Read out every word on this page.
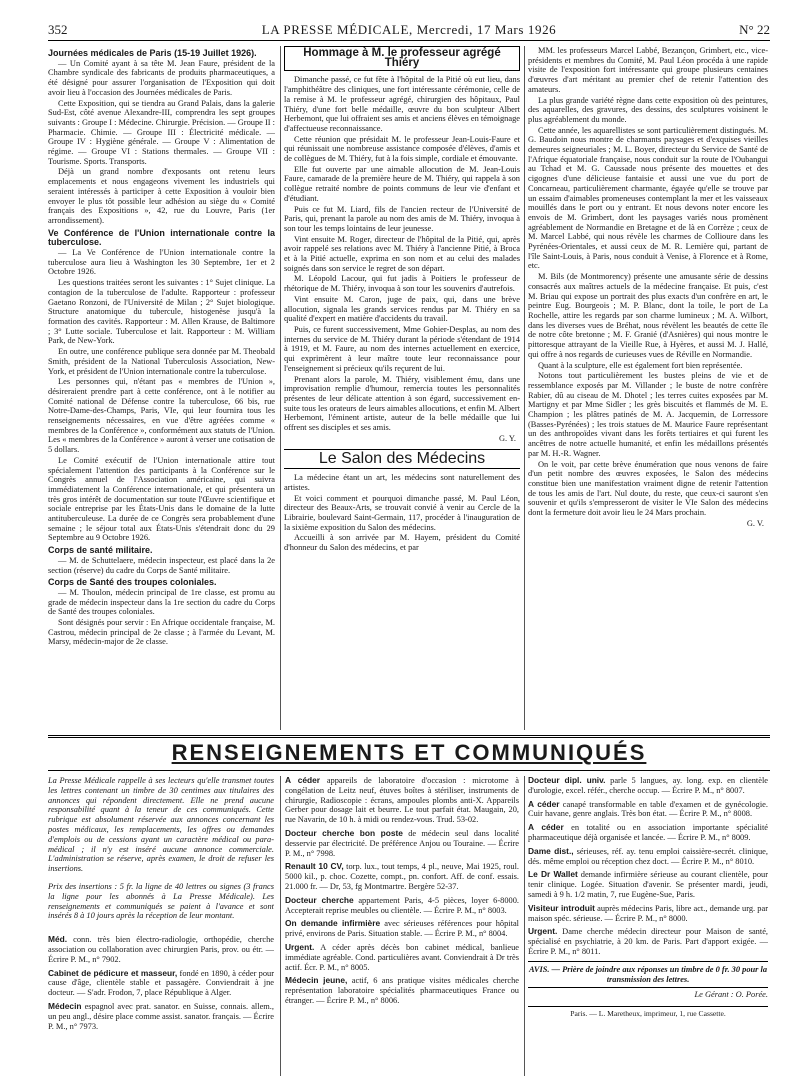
352	LA PRESSE MÉDICALE, Mercredi, 17 Mars 1926	N° 22
Journées médicales de Paris (15-19 Juillet 1926).

— Un Comité ayant à sa tête M. Jean Faure, président de la Chambre syndicale des fabricants de produits pharmaceutiques, a été désigné pour assurer l'organisation de l'Exposition qui doit avoir lieu à l'occasion des Journées médicales de Paris.

Cette Exposition, qui se tiendra au Grand Palais, dans la galerie Sud-Est, côté avenue Alexandre-III, comprendra les sept groupes suivants : Groupe I : Médecine. Chirurgie. Précision. — Groupe II : Pharmacie. Chimie. — Groupe III : Électricité médicale. — Groupe IV : Hygiène générale. — Groupe V : Alimentation de régime. — Groupe VI : Stations thermales. — Groupe VII : Tourisme. Sports. Transports.

Déjà un grand nombre d'exposants ont retenu leurs emplacements et nous engageons vivement les industriels qui seraient intéressés à participer à cette Exposition à vouloir bien envoyer le plus tôt possible leur adhésion au siège du « Comité français des Expositions », 42, rue du Louvre, Paris (1er arrondissement).

Ve Conférence de l'Union internationale contre la tuberculose.

— La Ve Conférence de l'Union internationale contre la tuberculose aura lieu à Washington les 30 Septembre, 1er et 2 Octobre 1926.

Les questions traitées seront les suivantes : 1° Sujet clinique. La contagion de la tuberculose de l'adulte. Rapporteur : professeur Gaetano Ronzoni, de l'Université de Milan ; 2° Sujet biologique. Structure anatomique du tubercule, histogenèse jusqu'à la formation des cavités. Rapporteur : M. Allen Krause, de Baltimore ; 3° Lutte sociale. Tuberculose et lait. Rapporteur : M. William Park, de New-York.

En outre, une conférence publique sera donnée par M. Theobald Smith, président de la National Tuberculosis Association, New-York, et président de l'Union internationale contre la tuberculose.

Les personnes qui, n'étant pas « membres de l'Union », désireraient prendre part à cette conférence, ont à le notifier au Comité national de Défense contre la tuberculose, 66 bis, rue Notre-Dame-des-Champs, Paris, VIe, qui leur fournira tous les renseignements nécessaires, en vue d'être agréées comme « membres de la Conférence », conformément aux statuts de l'Union. Les « membres de la Conférence » auront à verser une cotisation de 5 dollars.

Le Comité exécutif de l'Union internationale attire tout spécialement l'attention des participants à la Conférence sur le Congrès annuel de l'Association américaine, qui suivra immédiatement la Conférence internationale, et qui présentera un très gros intérêt de documentation sur toute l'Œuvre scientifique et sociale entreprise par les États-Unis dans le domaine de la lutte antituberculeuse. La durée de ce Congrès sera probablement d'une semaine ; le séjour total aux États-Unis s'étendrait donc du 29 Septembre au 9 Octobre 1926.

Corps de santé militaire.

— M. de Schuttelaere, médecin inspecteur, est placé dans la 2e section (réserve) du cadre du Corps de Santé militaire.

Corps de Santé des troupes coloniales.

— M. Thoulon, médecin principal de 1re classe, est promu au grade de médecin inspecteur dans la 1re section du cadre du Corps de Santé des troupes coloniales.

Sont désignés pour servir : En Afrique occidentale française, M. Castrou, médecin principal de 2e classe ; à l'armée du Levant, M. Marsy, médecin-major de 2e classe.

Hommage à M. le professeur agrégé Thiéry

Dimanche passé, ce fut fête à l'hôpital de la Pitié où eut lieu, dans l'amphithéâtre des cliniques, une fort intéressante cérémonie, celle de la remise à M. le professeur agrégé, chirurgien des hôpitaux, Paul Thiéry, d'une fort belle médaille, œuvre du bon sculpteur Albert Herbemont, que lui offraient ses amis et anciens élèves en témoignage d'affectueuse reconnaissance.

Cette réunion que présidait M. le professeur Jean-Louis-Faure et qui réunissait une nombreuse assistance composée d'élèves, d'amis et de collègues de M. Thiéry, fut à la fois simple, cordiale et émouvante.

Elle fut ouverte par une aimable allocution de M. Jean-Louis Faure, camarade de la première heure de M. Thiéry, qui rappela à son collègue retraité nombre de points communs de leur vie d'enfant et d'étudiant.

Puis ce fut M. Liard, fils de l'ancien recteur de l'Université de Paris, qui, prenant la parole au nom des amis de M. Thiéry, invoqua à son tour les temps lointains de leur jeunesse.

Vint ensuite M. Roger, directeur de l'hôpital de la Pitié, qui, après avoir rappelé ses relations avec M. Thiéry à l'ancienne Pitié, à Broca et à la Pitié actuelle, exprima en son nom et au celui des malades soignés dans son service le regret de son départ.

M. Léopold Lacour, qui fut jadis à Poitiers le professeur de rhétorique de M. Thiéry, invoqua à son tour les souvenirs d'autrefois.

Vint ensuite M. Caron, juge de paix, qui, dans une brève allocution, signala les grands services rendus par M. Thiéry en sa qualité d'expert en matière d'accidents du travail.

Puis, ce furent successivement, Mme Gohier-Desplas, au nom des internes du service de M. Thiéry durant la période s'étendant de 1914 à 1919, et M. Faure, au nom des internes actuellement en exercice, qui exprimèrent à leur maître toute leur reconnaissance pour l'enseignement si précieux qu'ils reçurent de lui.

Prenant alors la parole, M. Thiéry, visiblement ému, dans une improvisation remplie d'humour, remercia toutes les personnalités présentes de leur délicate attention à son égard, successivement en-suite tous les orateurs de leurs aimables allocutions, et enfin M. Albert Herbemont, l'éminent artiste, auteur de la belle médaille que lui offrent ses disciples et ses amis.

G. Y.
Le Salon des Médecins

La médecine étant un art, les médecins sont naturellement des artistes.

Et voici comment et pourquoi dimanche passé, M. Paul Léon, directeur des Beaux-Arts, se trouvait convié à venir au Cercle de la Librairie, boulevard Saint-Germain, 117, procéder à l'inauguration de la sixième exposition du Salon des médecins.

Accueilli à son arrivée par M. Hayem, président du Comité d'honneur du Salon des médecins, et par

MM. les professeurs Marcel Labbé, Bezançon, Grimbert, etc., vice-présidents et membres du Comité, M. Paul Léon procéda à une rapide visite de l'exposition fort intéressante qui groupe plusieurs centaines d'œuvres d'art méritant au premier chef de retenir l'attention des amateurs.

La plus grande variété règne dans cette exposition où des peintures, des aquarelles, des gravures, des dessins, des sculptures voisinent le plus agréablement du monde.

Cette année, les aquarellistes se sont particulièrement distingués. M. G. Baudoin nous montre de charmants paysages et d'exquises vieilles demeures seigneuriales ; M. L. Boyer, directeur du Service de Santé de l'Afrique équatoriale française, nous conduit sur la route de l'Oubangui au Tchad et M. G. Caussade nous présente des mouettes et des cigognes d'une délicieuse fantaisie et aussi une vue du port de Concarneau, particulièrement charmante, égayée qu'elle se trouve par un essaim d'aimables promeneuses contemplant la mer et les vaisseaux mouillés dans le port ou y entrant. Et nous devons noter encore les envois de M. Grimbert, dont les paysages variés nous promènent agréablement de Normandie en Bretagne et de là en Corrèze ; ceux de M. Marcel Labbé, qui nous révèle les charmes de Collioure dans les Pyrénées-Orientales, et aussi ceux de M. R. Lemière qui, partant de l'île Saint-Louis, à Paris, nous conduit à Venise, à Florence et à Rome, etc.

M. Bils (de Montmorency) présente une amusante série de dessins consacrés aux maîtres actuels de la médecine française. Et puis, c'est M. Briau qui expose un portrait des plus exacts d'un confrère en art, le peintre Eug. Bourgeois ; M. P. Blanc, dont la toile, le port de La Rochelle, attire les regards par son charme lumineux ; M. A. Wilbort, dans les diverses vues de Bréhat, nous révèlent les beautés de cette île de notre côte bretonne ; M. F. Granié (d'Asnières) qui nous montre le pittoresque attrayant de la Vieille Rue, à Hyères, et aussi M. J. Hallé, qui offre à nos regards de curieuses vues de Réville en Normandie.

Quant à la sculpture, elle est également fort bien représentée.

Notons tout particulièrement les bustes pleins de vie et de ressemblance exposés par M. Villander ; le buste de notre confrère Rabier, dû au ciseau de M. Dhotel ; les terres cuites exposées par M. Martigny et par Mme Sidler ; les grès biscuités et flammés de M. E. Champion ; les plâtres patinés de M. A. Jacquemin, de Lorressore (Basses-Pyrénées) ; les trois statues de M. Maurice Faure représentant un des anthropoïdes vivant dans les forêts tertiaires et qui furent les ancêtres de notre actuelle humanité, et enfin les médaillons présentés par M. H.-R. Wagner.

On le voit, par cette brève énumération que nous venons de faire d'un petit nombre des œuvres exposées, le Salon des médecins constitue bien une manifestation vraiment digne de retenir l'attention de tous les amis de l'art. Nul doute, du reste, que ceux-ci sauront s'en souvenir et qu'ils s'empresseront de visiter le VIe Salon des médecins dont la fermeture doit avoir lieu le 24 Mars prochain.

G. V.
RENSEIGNEMENTS ET COMMUNIQUÉS
La Presse Médicale rappelle à ses lecteurs qu'elle transmet toutes les lettres contenant un timbre de 30 centimes aux titulaires des annonces qui répondent directement. Elle ne prend aucune responsabilité quant à la teneur de ces communiqués. Cette rubrique est absolument réservée aux annonces concernant les postes médicaux, les remplacements, les offres ou demandes d'emplois ou de cessions ayant un caractère médical ou para-médical ; il n'y est inséré aucune annonce commerciale. L'administration se réserve, après examen, le droit de refuser les insertions.
Prix des insertions : 5 fr. la ligne de 40 lettres ou signes (3 francs la ligne pour les abonnés à La Presse Médicale). Les renseignements et communiqués se paient à l'avance et sont insérés 8 à 10 jours après la réception de leur montant.
Méd. conn. très bien électro-radiologie, orthopédie, cherche association ou collaboration avec chirurgien Paris, prov. ou étr. — Écrire P. M., n° 7902.
Cabinet de pédicure et masseur, fondé en 1890, à céder pour cause d'âge, clientèle stable et passagère. Conviendrait à jne docteur. — S'adr. Frodon, 7, place République à Alger.
Médecin espagnol avec prat. sanator. en Suisse, connais. allem., un peu angl., désire place comme assist. sanator. français. — Écrire P. M., n° 7973.
A céder appareils de laboratoire d'occasion : microtome à congélation de Leitz neuf, étuves boîtes à stériliser, instruments de chirurgie, Radioscopie : écrans, ampoules plombs anti-X. Appareils Gerber pour dosage lait et beurre. Le tout parfait état. Maugain, 20, rue Navarin, de 10 h. à midi ou rendez-vous. Trud. 53-02.
Docteur cherche bon poste de médecin seul dans localité desservie par électricité. De préférence Anjou ou Touraine. — Écrire P. M., n° 7998.
Renault 10 CV, torp. lux., tout temps, 4 pl., neuve, Mai 1925, roul. 5000 kil., p. choc. Cozette, compt., pn. confort. Aff. de conf. essais. 21.000 fr. — Dr, 53, fg Montmartre. Bergère 52-37.
Docteur cherche appartement Paris, 4-5 pièces, loyer 6-8000. Accepterait reprise meubles ou clientèle. — Écrire P. M., n° 8003.
On demande infirmière avec sérieuses références pour hôpital privé, environs de Paris. Situation stable. — Écrire P. M., n° 8004.
Urgent. A céder après décès bon cabinet médical, banlieue immédiate agréable. Cond. particulières avant. Conviendrait à Dr très actif. Écr. P. M., n° 8005.
Médecin jeune, actif, 6 ans pratique visites médicales cherche représentation laboratoire spécialités pharmaceutiques France ou étranger. — Écrire P. M., n° 8006.
Docteur dipl. univ. parle 5 langues, ay. long. exp. en clientèle d'urologie, excel. référ., cherche occup. — Écrire P. M., n° 8007.
A céder canapé transformable en table d'examen et de gynécologie. Cuir havane, genre anglais. Très bon état. — Écrire P. M., n° 8008.
A céder en totalité ou en association importante spécialité pharmaceutique déjà organisée et lancée. — Écrire P. M., n° 8009.
Dame dist., sérieuses, réf. ay. tenu emploi caissière-secrét. clinique, dés. même emploi ou réception chez doct. — Écrire P. M., n° 8010.
Le Dr Wallet demande infirmière sérieuse au courant clientèle, pour tenir clinique. Logée. Situation d'avenir. Se présenter mardi, jeudi, samedi à 9 h. 1/2 matin, 7, rue Eugène-Sue, Paris.
Visiteur introduit auprès médecins Paris, libre act., demande urg. par maison spéc. sérieuse. — Écrire P. M., n° 8000.
Urgent. Dame cherche médecin directeur pour Maison de santé, spécialisé en psychiatrie, à 20 km. de Paris. Part d'apport exigée. — Écrire P. M., n° 8011.
AVIS. — Prière de joindre aux réponses un timbre de 0 fr. 30 pour la transmission des lettres.
Le Gérant : O. Porée.
Paris. — L. Maretheux, imprimeur, 1, rue Cassette.
